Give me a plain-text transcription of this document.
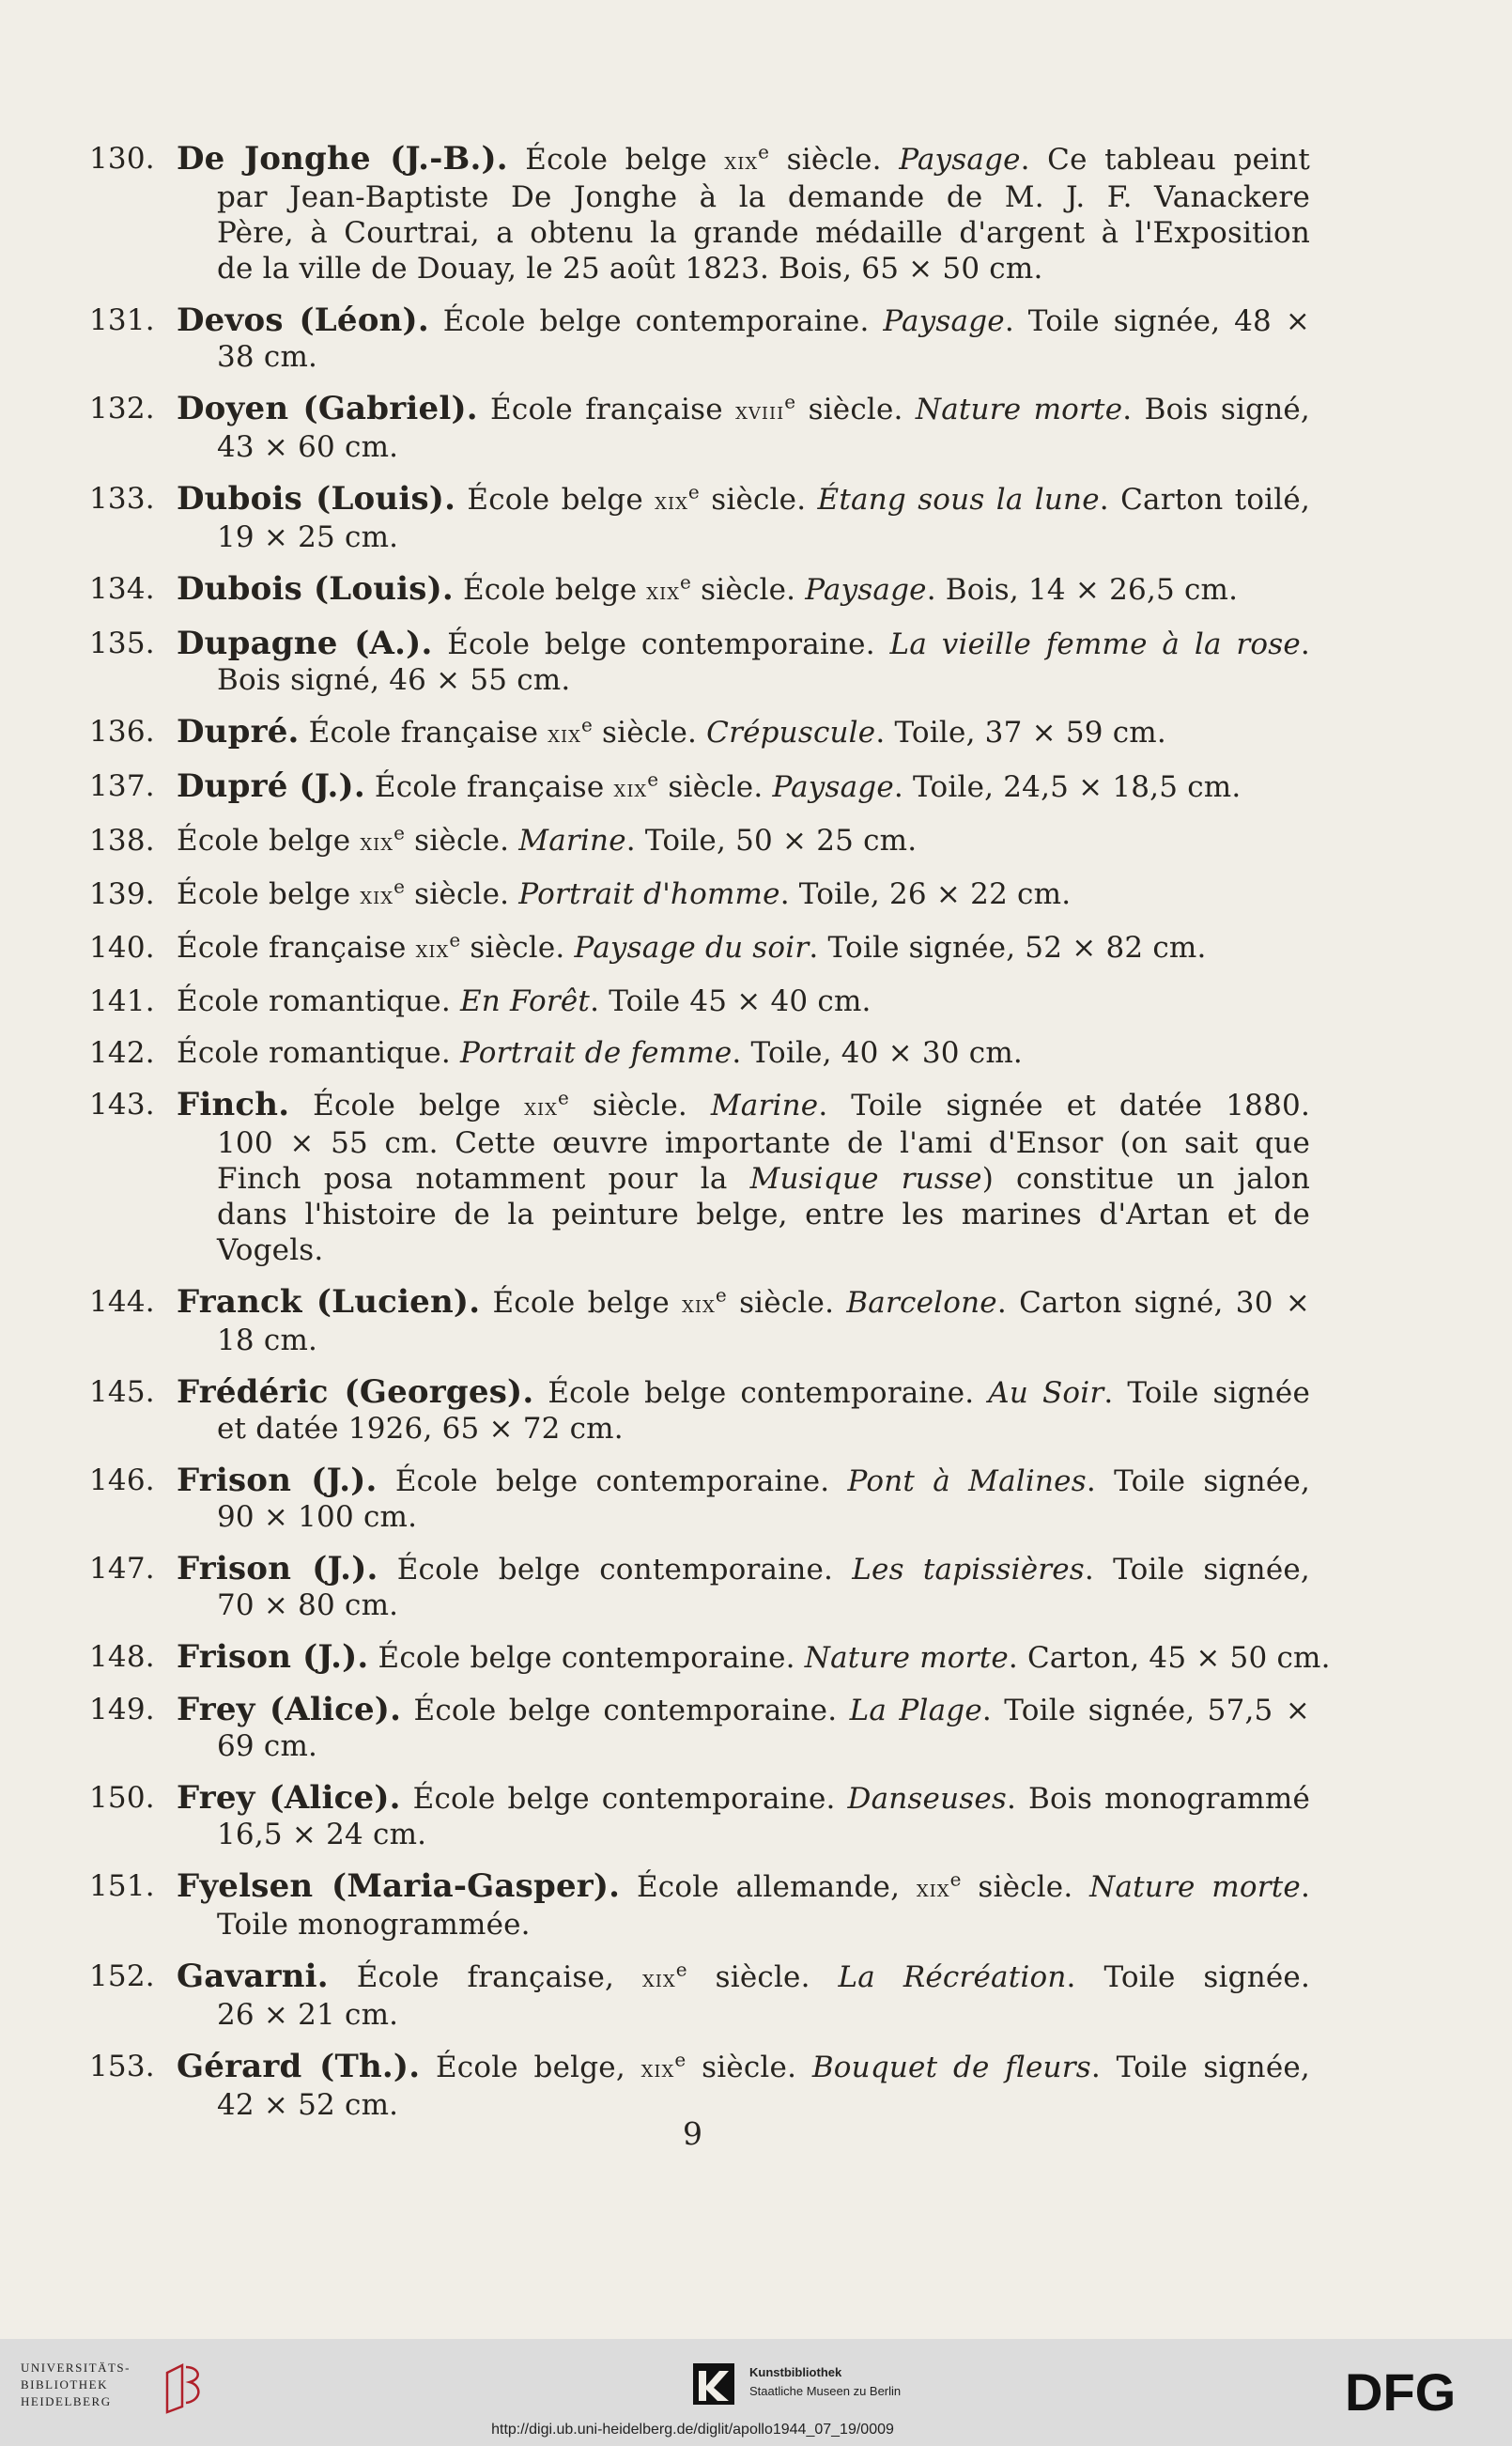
130. De Jonghe (J.-B.). École belge xix$^e$ siècle. Paysage. Ce tableau peint
par Jean-Baptiste De Jonghe à la demande de M. J. F. Vanackere
Père, à Courtrai, a obtenu la grande médaille d'argent à l'Exposition
de la ville de Douay, le 25 août 1823. Bois, 65 × 50 cm.
131. Devos (Léon). École belge contemporaine. Paysage. Toile signée, 48 ×
38 cm.
132. Doyen (Gabriel). École française xviii$^e$ siècle. Nature morte. Bois signé,
43 × 60 cm.
133. Dubois (Louis). École belge xix$^e$ siècle. Étang sous la lune. Carton toilé,
19 × 25 cm.
134. Dubois (Louis). École belge xix$^e$ siècle. Paysage. Bois, 14 × 26,5 cm.
135. Dupagne (A.). École belge contemporaine. La vieille femme à la rose.
Bois signé, 46 × 55 cm.
136. Dupré. École française xix$^e$ siècle. Crépuscule. Toile, 37 × 59 cm.
137. Dupré (J.). École française xix$^e$ siècle. Paysage. Toile, 24,5 × 18,5 cm.
138. École belge xix$^e$ siècle. Marine. Toile, 50 × 25 cm.
139. École belge xix$^e$ siècle. Portrait d'homme. Toile, 26 × 22 cm.
140. École française xix$^e$ siècle. Paysage du soir. Toile signée, 52 × 82 cm.
141. École romantique. En Forêt. Toile 45 × 40 cm.
142. École romantique. Portrait de femme. Toile, 40 × 30 cm.
143. Finch. École belge xix$^e$ siècle. Marine. Toile signée et datée 1880.
100 × 55 cm. Cette œuvre importante de l'ami d'Ensor (on sait que
Finch posa notamment pour la Musique russe) constitue un jalon
dans l'histoire de la peinture belge, entre les marines d'Artan et de
Vogels.
144. Franck (Lucien). École belge xix$^e$ siècle. Barcelone. Carton signé, 30 ×
18 cm.
145. Frédéric (Georges). École belge contemporaine. Au Soir. Toile signée
et datée 1926, 65 × 72 cm.
146. Frison (J.). École belge contemporaine. Pont à Malines. Toile signée,
90 × 100 cm.
147. Frison (J.). École belge contemporaine. Les tapissières. Toile signée,
70 × 80 cm.
148. Frison (J.). École belge contemporaine. Nature morte. Carton, 45 × 50 cm.
149. Frey (Alice). École belge contemporaine. La Plage. Toile signée, 57,5 ×
69 cm.
150. Frey (Alice). École belge contemporaine. Danseuses. Bois monogrammé
16,5 × 24 cm.
151. Fyelsen (Maria-Gasper). École allemande, xix$^e$ siècle. Nature morte.
Toile monogrammée.
152. Gavarni. École française, xix$^e$ siècle. La Récréation. Toile signée.
26 × 21 cm.
153. Gérard (Th.). École belge, xix$^e$ siècle. Bouquet de fleurs. Toile signée,
42 × 52 cm.
9
UNIVERSITÄTS-
BIBLIOTHEK
HEIDELBERG
Kunstbibliothek
Staatliche Museen zu Berlin	DFG
http://digi.ub.uni-heidelberg.de/diglit/apollo1944_07_19/0009
